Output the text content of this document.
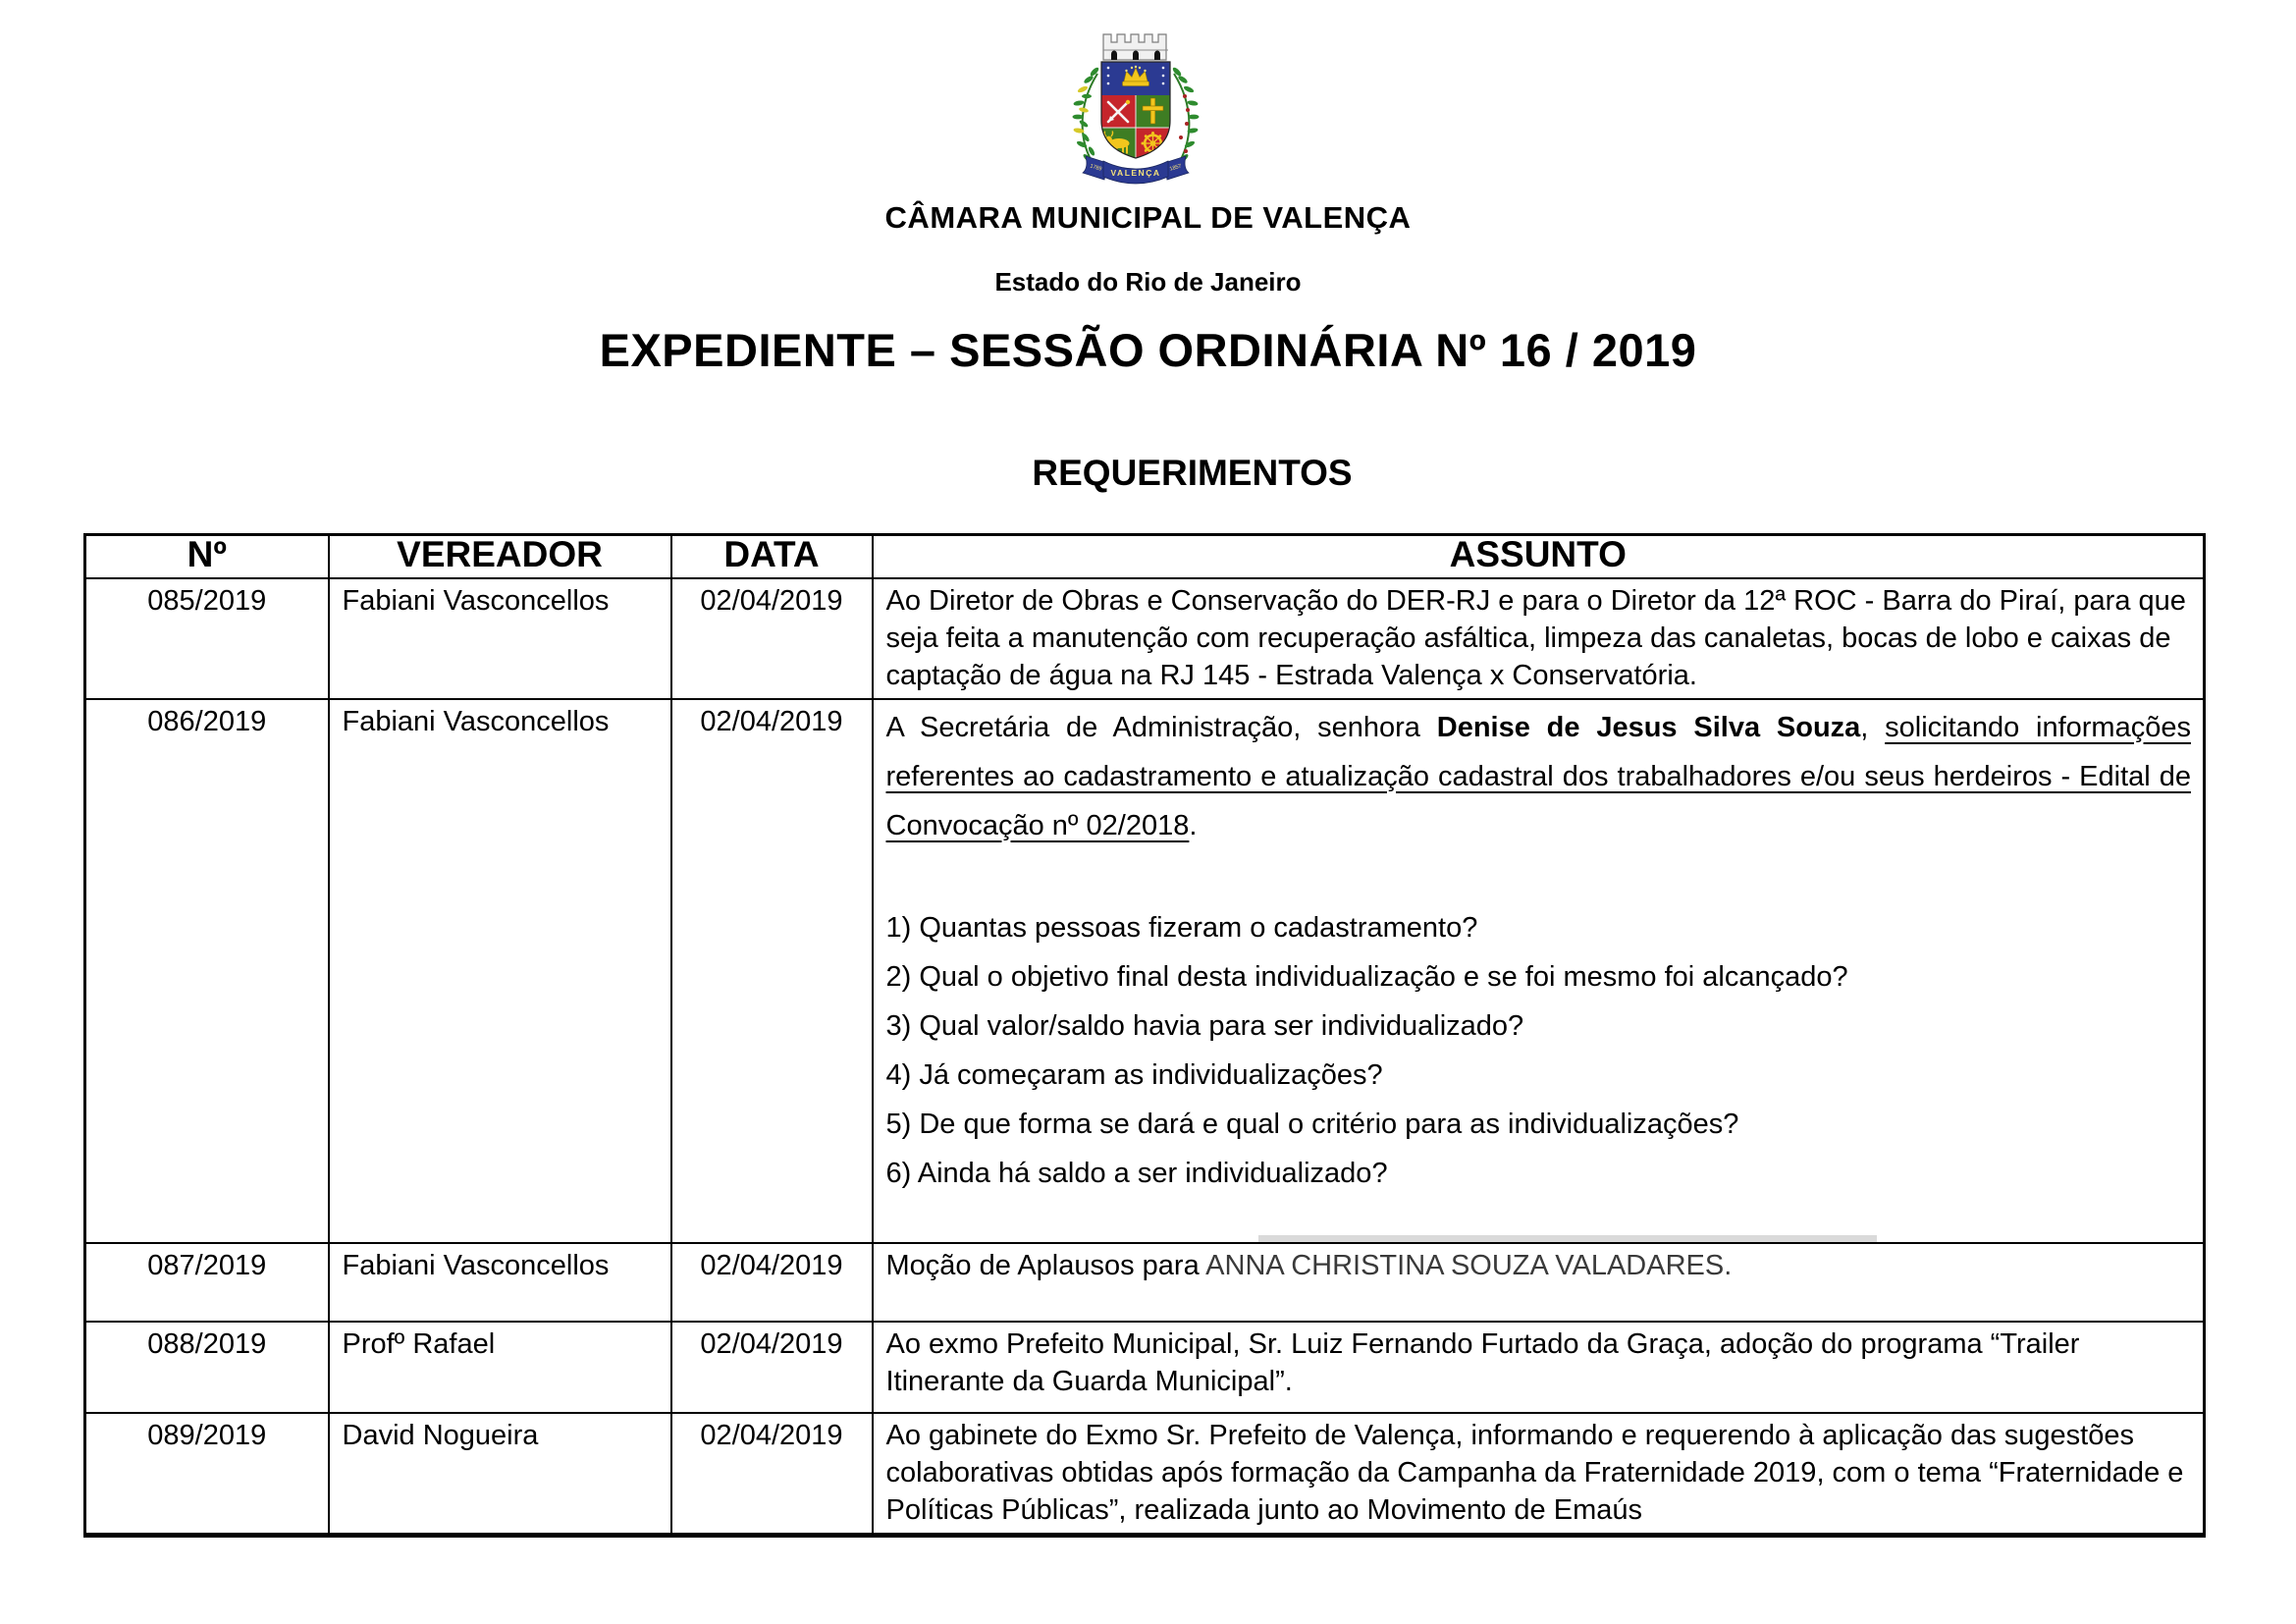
VALENÇA
1789	1857
CÂMARA MUNICIPAL DE VALENÇA
Estado do Rio de Janeiro
EXPEDIENTE – SESSÃO ORDINÁRIA Nº 16 / 2019
REQUERIMENTOS
Nº	VEREADOR	DATA	ASSUNTO
085/2019	Fabiani Vasconcellos	02/04/2019	Ao Diretor de Obras e Conservação do DER-RJ e para o Diretor da 12ª ROC - Barra do Piraí, para que seja feita a manutenção com recuperação asfáltica, limpeza das canaletas, bocas de lobo e caixas de captação de água na RJ 145 - Estrada Valença x Conservatória.

086/2019	Fabiani Vasconcellos	02/04/2019	A Secretária de Administração, senhora Denise de Jesus Silva Souza, solicitando informações referentes ao cadastramento e atualização cadastral dos trabalhadores e/ou seus herdeiros - Edital de Convocação nº 02/2018.

1) Quantas pessoas fizeram o cadastramento?

2) Qual o objetivo final desta individualização e se foi mesmo foi alcançado?

3) Qual valor/saldo havia para ser individualizado?

4) Já começaram as individualizações?

5) De que forma se dará e qual o critério para as individualizações?

6) Ainda há saldo a ser individualizado?

087/2019	Fabiani Vasconcellos	02/04/2019	Moção de Aplausos para ANNA CHRISTINA SOUZA VALADARES.

088/2019	Profº Rafael	02/04/2019	Ao exmo Prefeito Municipal, Sr. Luiz Fernando Furtado da Graça, adoção do programa “Trailer Itinerante da Guarda Municipal”.

089/2019	David Nogueira	02/04/2019	Ao gabinete do Exmo Sr. Prefeito de Valença, informando e requerendo à aplicação das sugestões colaborativas obtidas após formação da Campanha da Fraternidade 2019, com o tema “Fraternidade e Políticas Públicas”, realizada junto ao Movimento de Emaús
